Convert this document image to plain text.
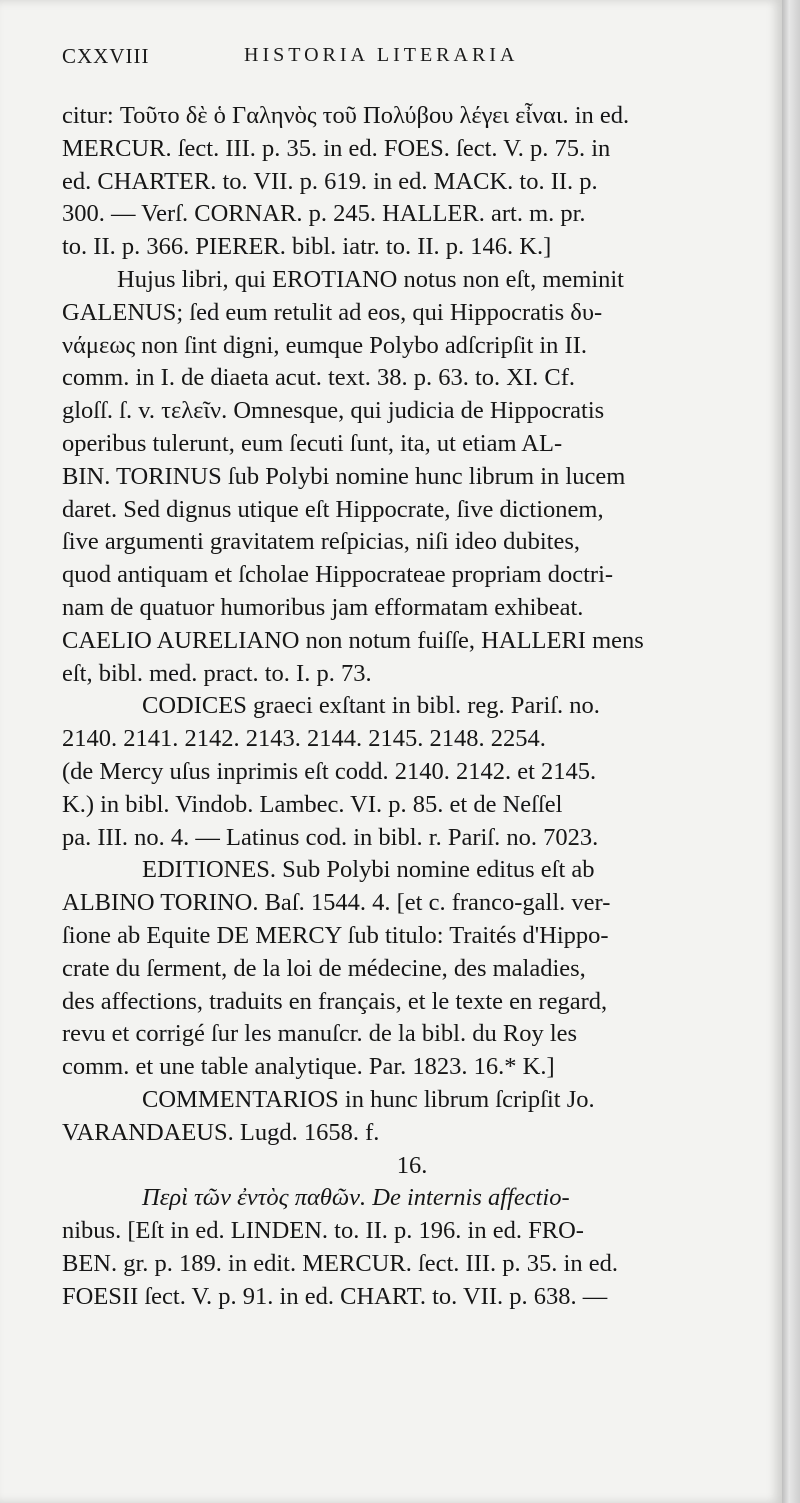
CXXVIII	HISTORIA LITERARIA
citur: Τοῦτο δὲ ὁ Γαληνὸς τοῦ Πολύβου λέγει εἶναι. in ed.
MERCUR. ſect. III. p. 35. in ed. FOES. ſect. V. p. 75. in
ed. CHARTER. to. VII. p. 619. in ed. MACK. to. II. p.
300. — Verſ. CORNAR. p. 245. HALLER. art. m. pr.
to. II. p. 366. PIERER. bibl. iatr. to. II. p. 146. K.]
Hujus libri, qui EROTIANO notus non eſt, meminit
GALENUS; ſed eum retulit ad eos, qui Hippocratis δυ-
νάμεως non ſint digni, eumque Polybo adſcripſit in II.
comm. in I. de diaeta acut. text. 38. p. 63. to. XI. Cf.
gloſſ. ſ. v. τελεῖν. Omnesque, qui judicia de Hippocratis
operibus tulerunt, eum ſecuti ſunt, ita, ut etiam AL-
BIN. TORINUS ſub Polybi nomine hunc librum in lucem
daret. Sed dignus utique eſt Hippocrate, ſive dictionem,
ſive argumenti gravitatem reſpicias, niſi ideo dubites,
quod antiquam et ſcholae Hippocrateae propriam doctri-
nam de quatuor humoribus jam efformatam exhibeat.
CAELIO AURELIANO non notum fuiſſe, HALLERI mens
eſt, bibl. med. pract. to. I. p. 73.
CODICES graeci exſtant in bibl. reg. Pariſ. no.
2140. 2141. 2142. 2143. 2144. 2145. 2148. 2254.
(de Mercy uſus inprimis eſt codd. 2140. 2142. et 2145.
K.) in bibl. Vindob. Lambec. VI. p. 85. et de Neſſel
pa. III. no. 4. — Latinus cod. in bibl. r. Pariſ. no. 7023.
EDITIONES. Sub Polybi nomine editus eſt ab
ALBINO TORINO. Baſ. 1544. 4. [et c. franco-gall. ver-
ſione ab Equite DE MERCY ſub titulo: Traités d'Hippo-
crate du ſerment, de la loi de médecine, des maladies,
des affections, traduits en français, et le texte en regard,
revu et corrigé ſur les manuſcr. de la bibl. du Roy les
comm. et une table analytique. Par. 1823. 16.* K.]
COMMENTARIOS in hunc librum ſcripſit Jo.
VARANDAEUS. Lugd. 1658. f.
16.
Περὶ τῶν ἐντὸς παθῶν. De internis affectio-
nibus. [Eſt in ed. LINDEN. to. II. p. 196. in ed. FRO-
BEN. gr. p. 189. in edit. MERCUR. ſect. III. p. 35. in ed.
FOESII ſect. V. p. 91. in ed. CHART. to. VII. p. 638. —
